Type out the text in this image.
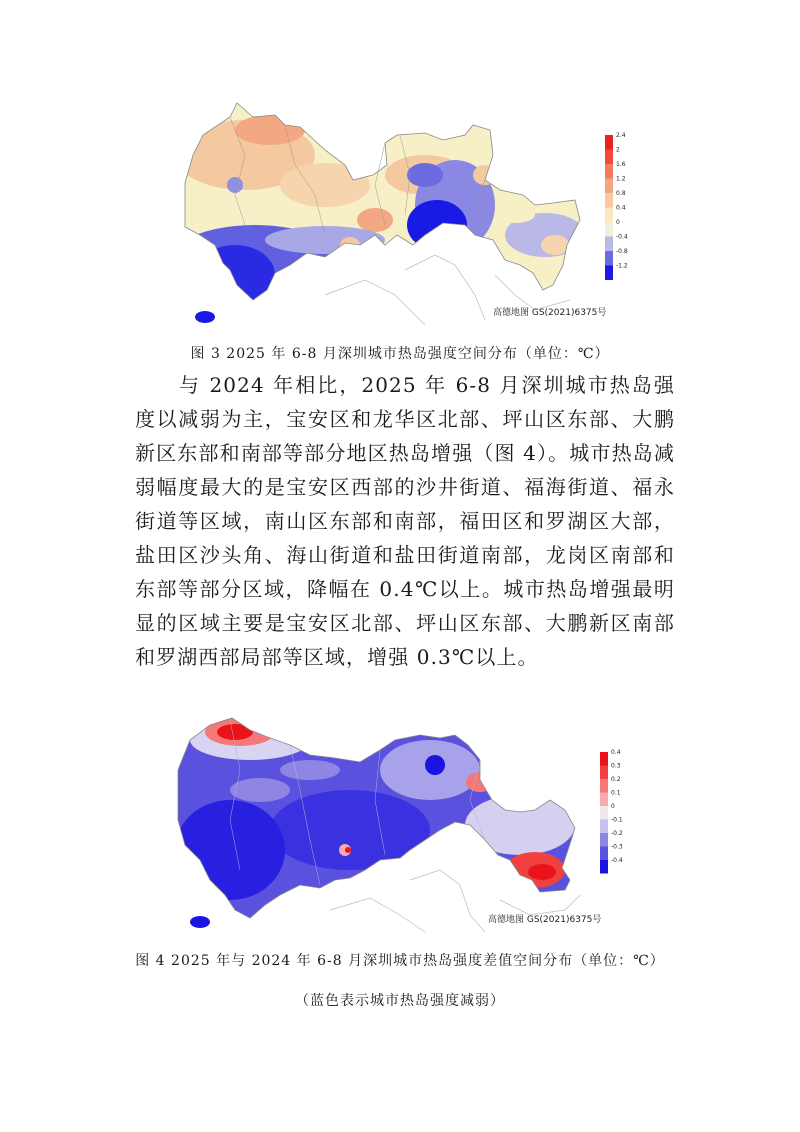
高德地图 GS(2021)6375号
2.4
2
1.6
1.2
0.8
0.4
0
-0.4
-0.8
-1.2
图 3 2025 年 6-8 月深圳城市热岛强度空间分布（单位：℃）

与 2024 年相比，2025 年 6-8 月深圳城市热岛强度以减弱为主，宝安区和龙华区北部、坪山区东部、大鹏新区东部和南部等部分地区热岛增强（图 4）。城市热岛减弱幅度最大的是宝安区西部的沙井街道、福海街道、福永街道等区域，南山区东部和南部，福田区和罗湖区大部，盐田区沙头角、海山街道和盐田街道南部，龙岗区南部和东部等部分区域，降幅在 0.4℃以上。城市热岛增强最明显的区域主要是宝安区北部、坪山区东部、大鹏新区南部和罗湖西部局部等区域，增强 0.3℃以上。

高德地图 GS(2021)6375号
0.4
0.3
0.2
0.1
0
-0.1
-0.2
-0.3
-0.4
图 4 2025 年与 2024 年 6-8 月深圳城市热岛强度差值空间分布（单位：℃）
（蓝色表示城市热岛强度减弱）
